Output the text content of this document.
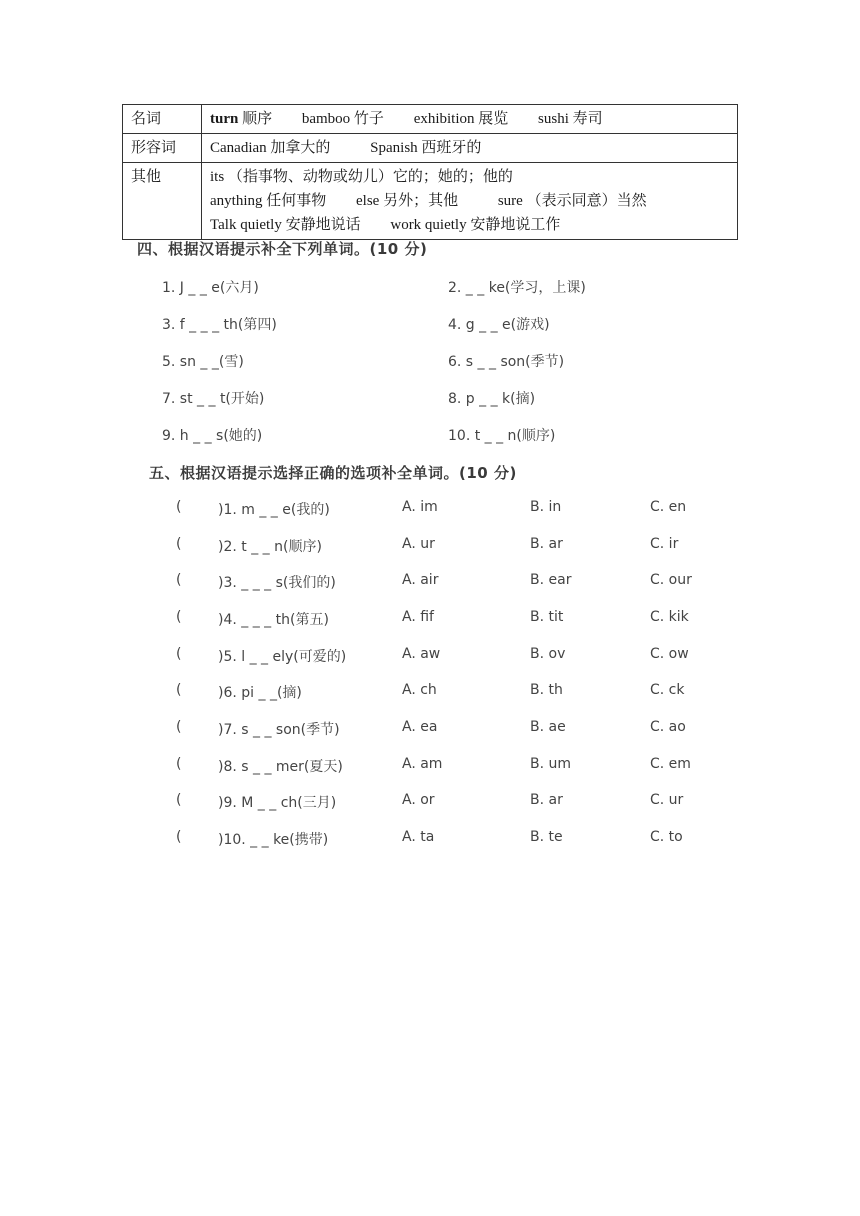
名词	turn 顺序 bamboo 竹子 exhibition 展览 sushi 寿司
形容词	Canadian 加拿大的 Spanish 西班牙的
其他	its （指事物、动物或幼儿）它的；她的；他的
anything 任何事物 else 另外；其他 sure （表示同意）当然
Talk quietly 安静地说话 work quietly 安静地说工作
四、根据汉语提示补全下列单词。(10 分)
1. J _ _ e(六月)	2. _ _ ke(学习，上课)
3. f _ _ _ th(第四)	4. g _ _ e(游戏)
5. sn _ _(雪)	6. s _ _ son(季节)
7. st _ _ t(开始)	8. p _ _ k(摘)
9. h _ _ s(她的)	10. t _ _ n(顺序)
五、根据汉语提示选择正确的选项补全单词。(10 分)
(	)1. m _ _ e(我的)	A. im	B. in	C. en
(	)2. t _ _ n(顺序)	A. ur	B. ar	C. ir
(	)3. _ _ _ s(我们的)	A. air	B. ear	C. our
(	)4. _ _ _ th(第五)	A. fif	B. tit	C. kik
(	)5. l _ _ ely(可爱的)	A. aw	B. ov	C. ow
(	)6. pi _ _(摘)	A. ch	B. th	C. ck
(	)7. s _ _ son(季节)	A. ea	B. ae	C. ao
(	)8. s _ _ mer(夏天)	A. am	B. um	C. em
(	)9. M _ _ ch(三月)	A. or	B. ar	C. ur
(	)10. _ _ ke(携带)	A. ta	B. te	C. to
